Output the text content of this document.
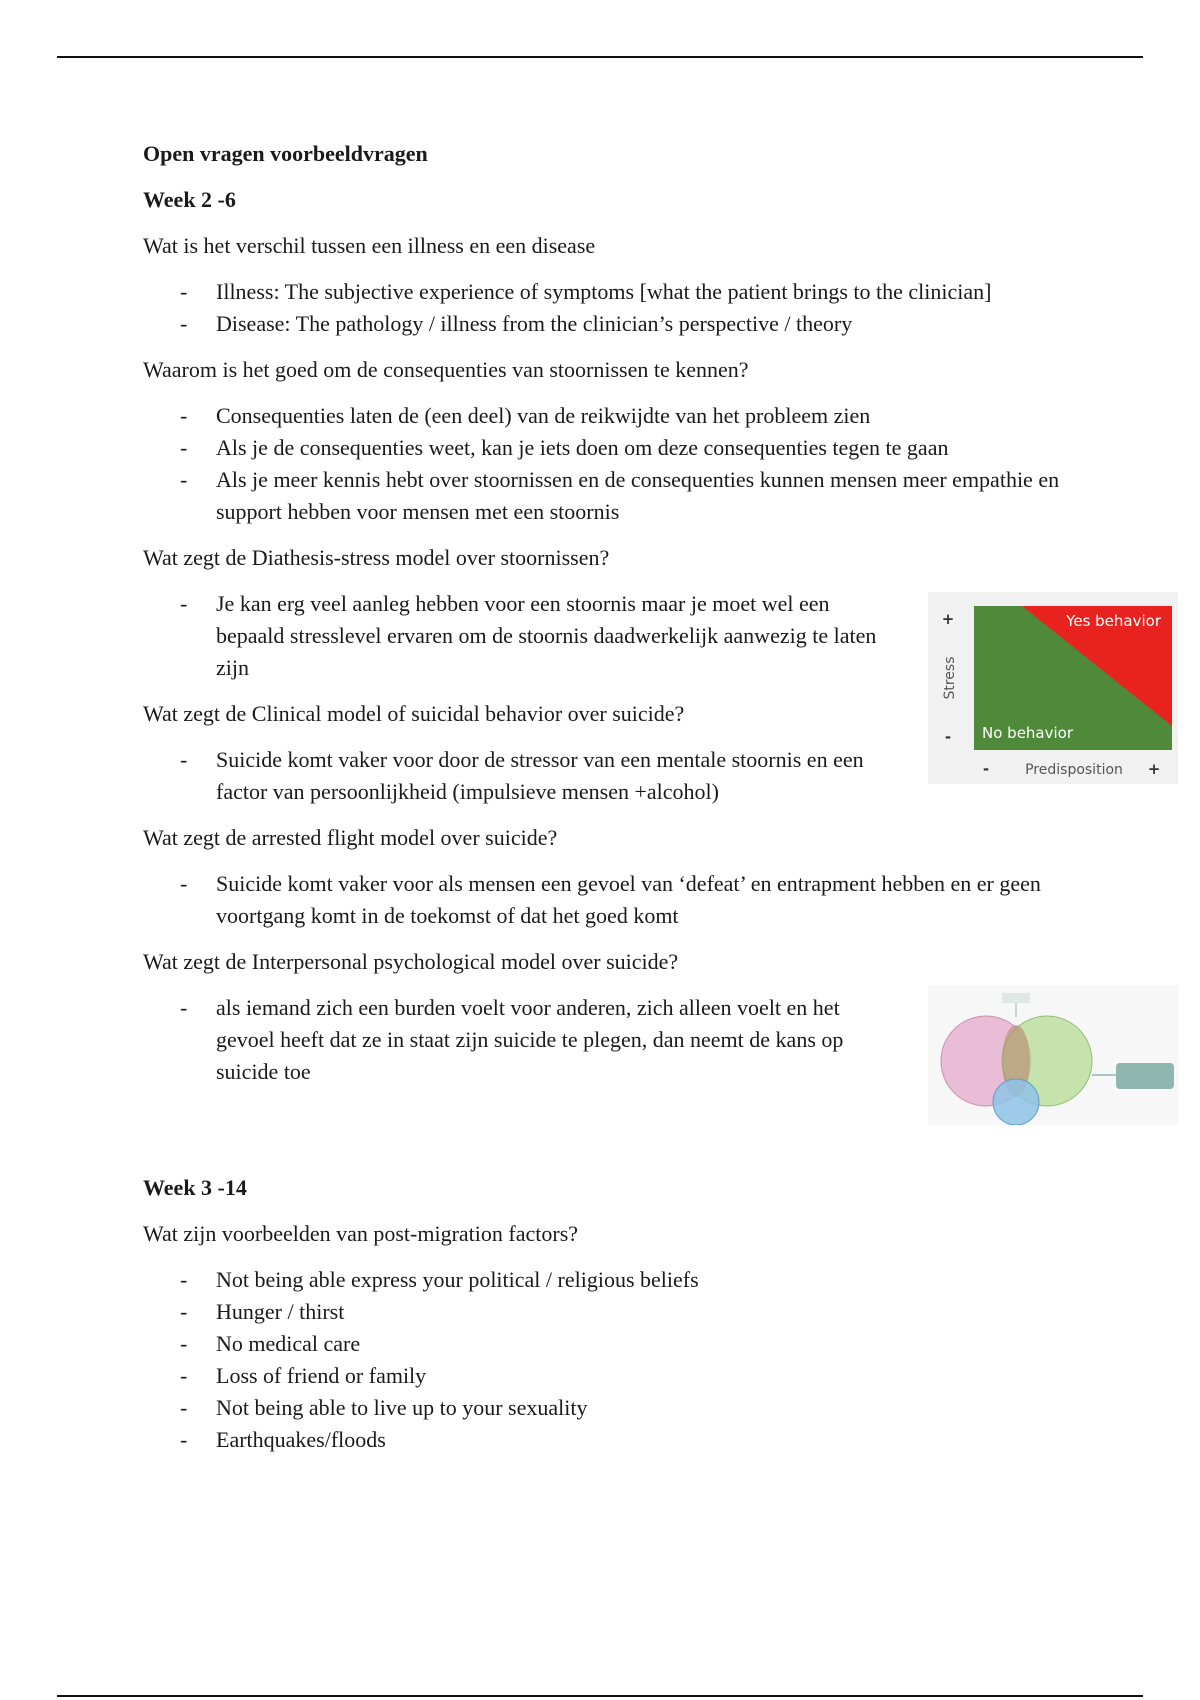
Open vragen voorbeeldvragen
Week 2 -6
Wat is het verschil tussen een illness en een disease
- Illness: The subjective experience of symptoms [what the patient brings to the clinician]
- Disease: The pathology / illness from the clinician’s perspective / theory
Waarom is het goed om de consequenties van stoornissen te kennen?
- Consequenties laten de (een deel) van de reikwijdte van het probleem zien
- Als je de consequenties weet, kan je iets doen om deze consequenties tegen te gaan
- Als je meer kennis hebt over stoornissen en de consequenties kunnen mensen meer empathie en support hebben voor mensen met een stoornis
Wat zegt de Diathesis-stress model over stoornissen?
- Je kan erg veel aanleg hebben voor een stoornis maar je moet wel een bepaald stresslevel ervaren om de stoornis daadwerkelijk aanwezig te laten zijn
Wat zegt de Clinical model of suicidal behavior over suicide?
- Suicide komt vaker voor door de stressor van een mentale stoornis en een factor van persoonlijkheid (impulsieve mensen +alcohol)
Wat zegt de arrested flight model over suicide?
- Suicide komt vaker voor als mensen een gevoel van ‘defeat’ en entrapment hebben en er geen voortgang komt in de toekomst of dat het goed komt
Wat zegt de Interpersonal psychological model over suicide?
- als iemand zich een burden voelt voor anderen, zich alleen voelt en het gevoel heeft dat ze in staat zijn suicide te plegen, dan neemt de kans op suicide toe
Week 3 -14
Wat zijn voorbeelden van post-migration factors?
- Not being able express your political / religious beliefs
- Hunger / thirst
- No medical care
- Loss of friend or family
- Not being able to live up to your sexuality
- Earthquakes/floods
Yes behavior
No behavior
+
-
Stress
-	Predisposition +
